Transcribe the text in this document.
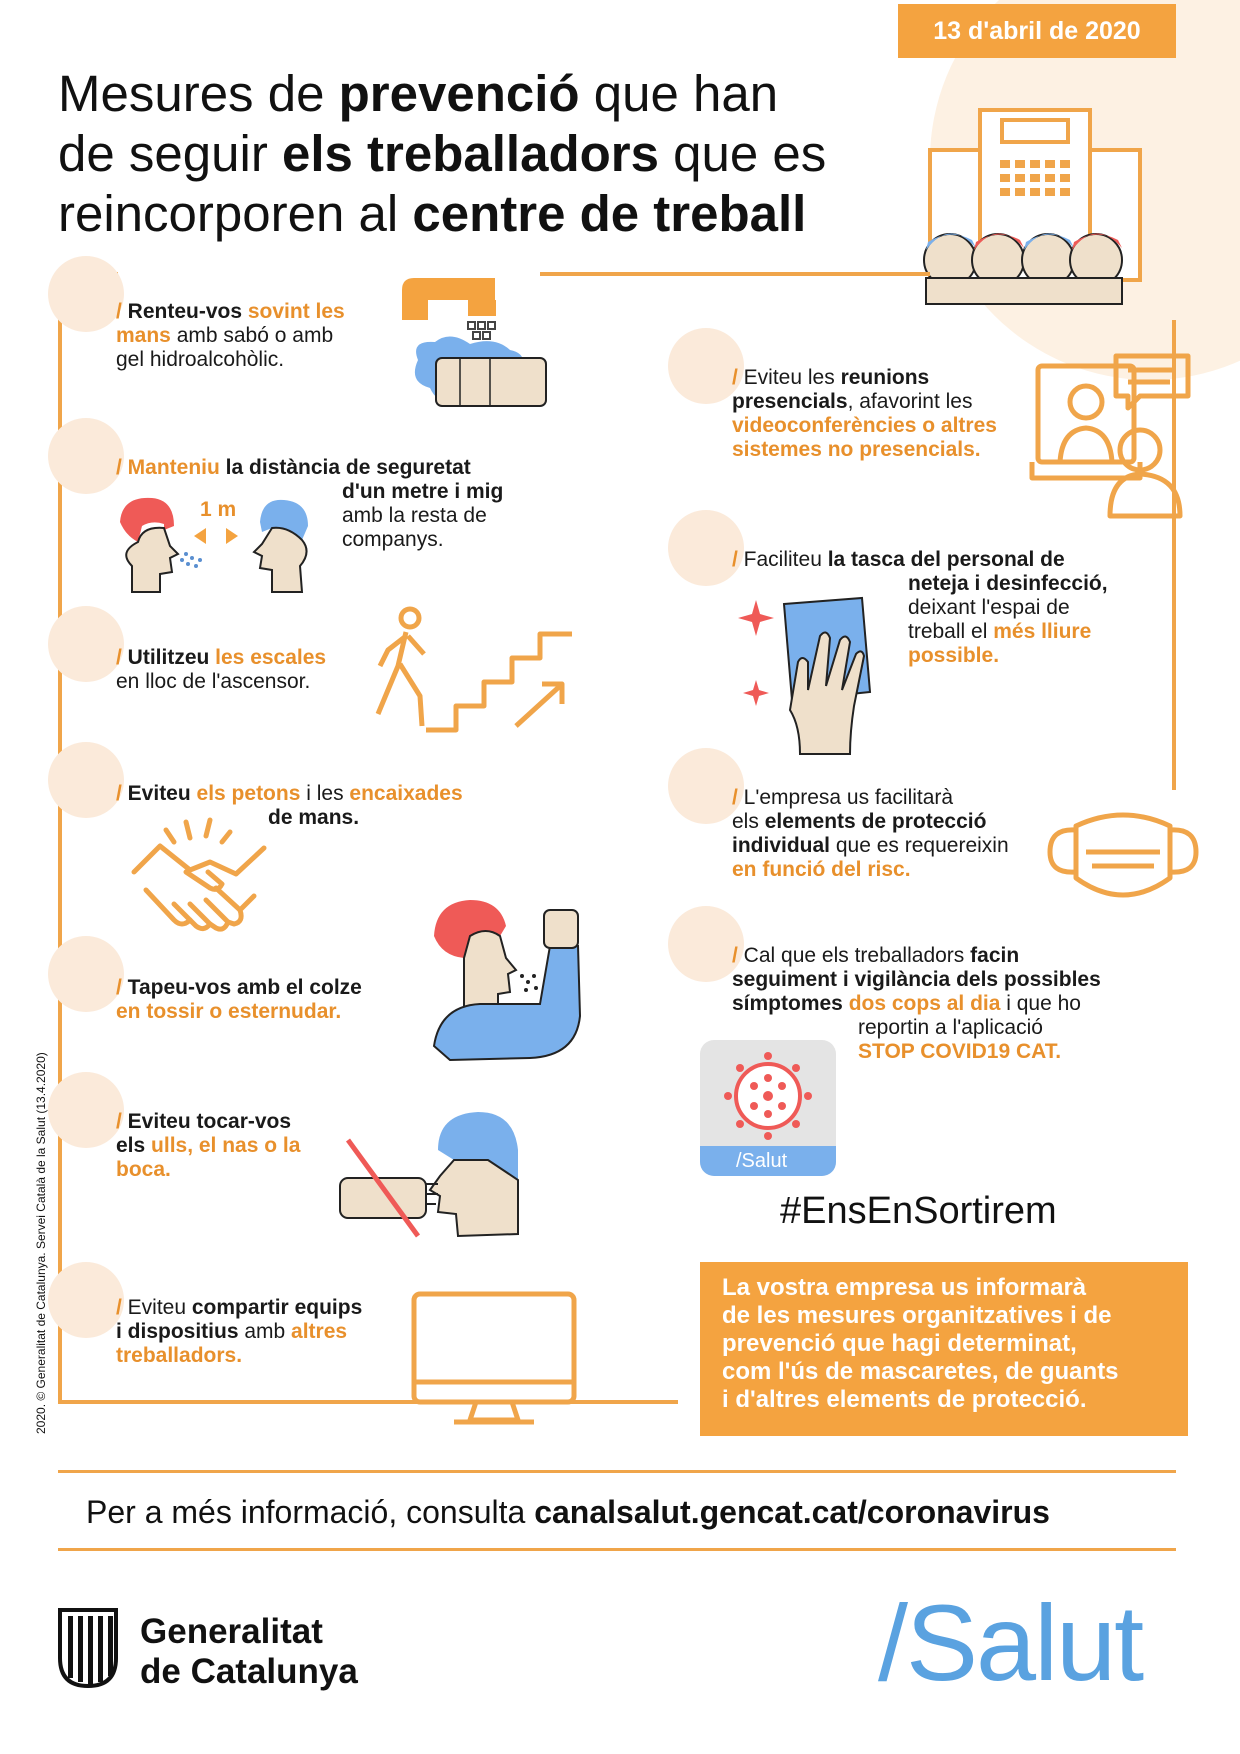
13 d'abril de 2020
Mesures de prevenció que han
de seguir els treballadors que es
reincorporen al centre de treball
/ Renteu-vos sovint les
mans amb sabó o amb
gel hidroalcohòlic.
/ Manteniu la distància de seguretat
d'un metre i mig
amb la resta de
companys.
1 m
/ Utilitzeu les escales
en lloc de l'ascensor.
/ Eviteu els petons i les encaixades
de mans.
/ Tapeu-vos amb el colze
en tossir o esternudar.
/ Eviteu tocar-vos
els ulls, el nas o la
boca.
/ Eviteu compartir equips
i dispositius amb altres
treballadors.
/ Eviteu les reunions
presencials, afavorint les
videoconferències o altres
sistemes no presencials.
/ Faciliteu la tasca del personal de
neteja i desinfecció,
deixant l'espai de
treball el més lliure
possible.
/ L'empresa us facilitarà
els elements de protecció
individual que es requereixin
en funció del risc.
/ Cal que els treballadors facin
seguiment i vigilància dels possibles
símptomes dos cops al dia i que ho
reportin a l'aplicació
STOP COVID19 CAT.
/Salut
#EnsEnSortirem
La vostra empresa us informarà
de les mesures organitzatives i de
prevenció que hagi determinat,
com l'ús de mascaretes, de guants
i d'altres elements de protecció.
Per a més informació, consulta canalsalut.gencat.cat/coronavirus
Generalitat
de Catalunya	/Salut
2020. © Generalitat de Catalunya. Servei Català de la Salut (13.4.2020)
